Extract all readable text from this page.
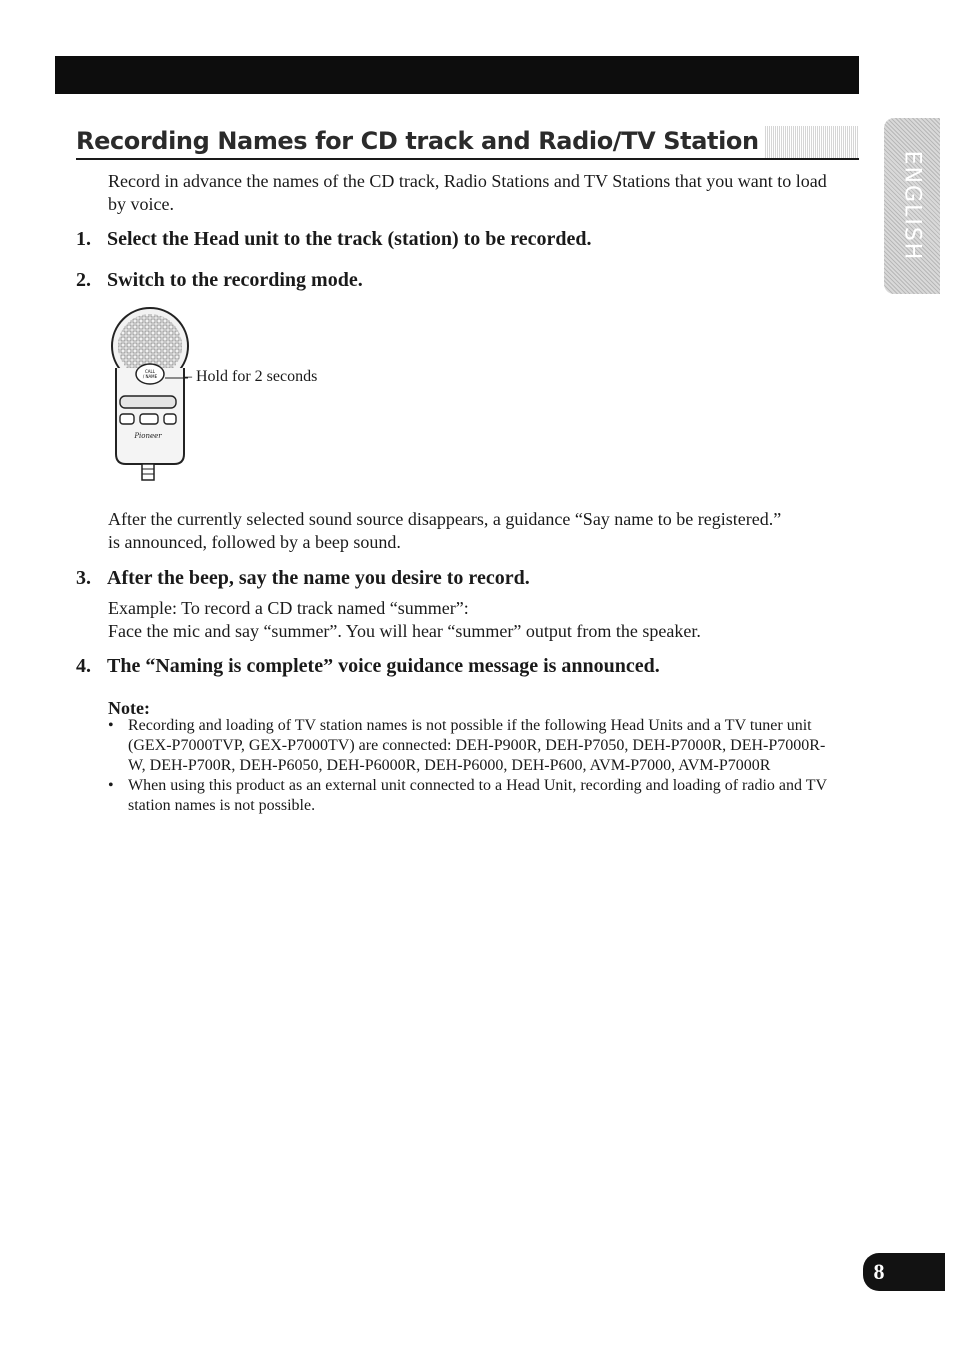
Recording Names for CD track and Radio/TV Station
ENGLISH

Record in advance the names of the CD track, Radio Stations and TV Stations that you want to load by voice.

1. Select the Head unit to the track (station) to be recorded.

2. Switch to the recording mode.

CALL
/ NAME
Pioneer

– Hold for 2 seconds

After the currently selected sound source disappears, a guidance “Say name to be registered.” is announced, followed by a beep sound.

3. After the beep, say the name you desire to record.

Example: To record a CD track named “summer”:

Face the mic and say “summer”. You will hear “summer” output from the speaker.

4. The “Naming is complete” voice guidance message is announced.

Note:

• Recording and loading of TV station names is not possible if the following Head Units and a TV tuner unit (GEX-P7000TVP, GEX-P7000TV) are connected: DEH-P900R, DEH-P7050, DEH-P7000R, DEH-P7000R-W, DEH-P700R, DEH-P6050, DEH-P6000R, DEH-P6000, DEH-P600, AVM-P7000, AVM-P7000R
• When using this product as an external unit connected to a Head Unit, recording and loading of radio and TV station names is not possible.
8
